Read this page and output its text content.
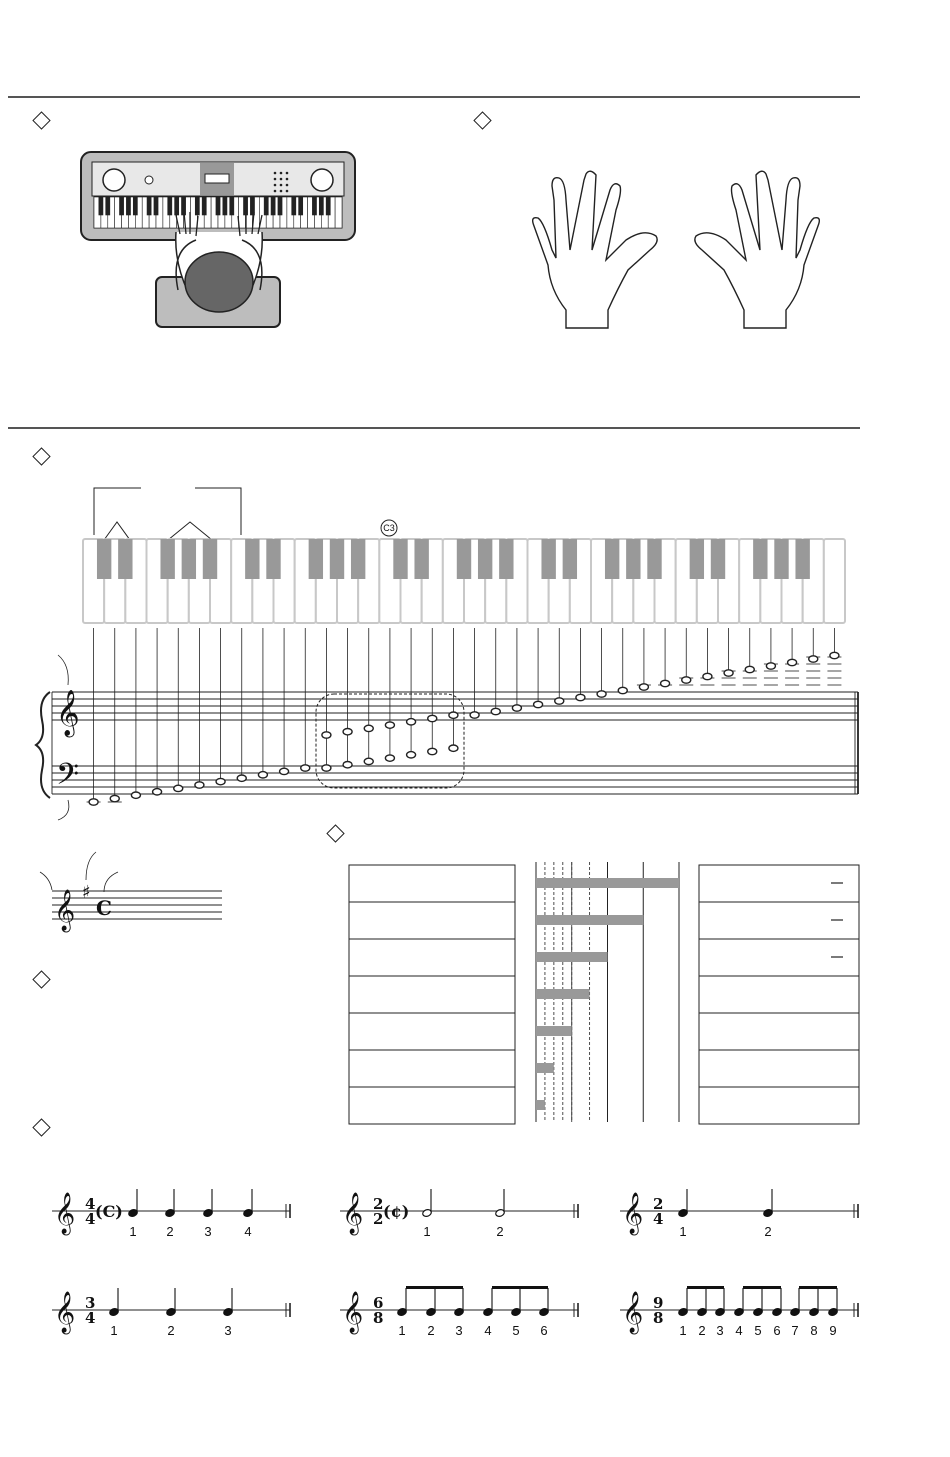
C3
𝄞
𝄢
𝄞 ♯
C
𝄞 4
4 (C)
1 2 3	4	𝄞 2
2 (¢)
1	2	𝄞 2
4
1	2
𝄞 3
4
1	2	3	𝄞 6
8
1 2 3 4 5 6 𝄞 9
8
1 2 3 4 5 6 7 8 9
